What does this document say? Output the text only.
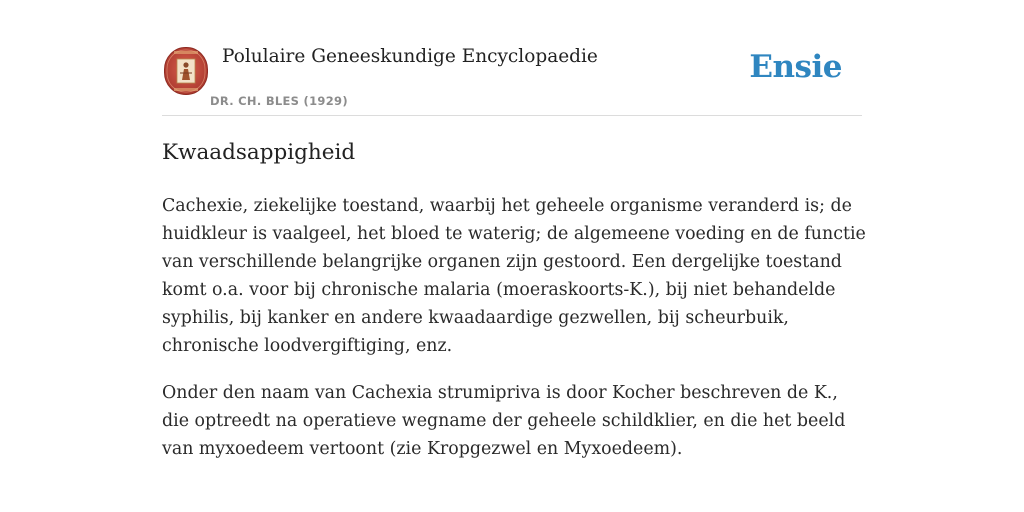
Polulaire Geneeskundige Encyclopaedie
DR. CH. BLES (1929)
Ensie
Kwaadsappigheid

Cachexie, ziekelijke toestand, waarbij het geheele organisme veranderd is; de huidkleur is vaalgeel, het bloed te waterig; de algemeene voeding en de functie van verschillende belangrijke organen zijn gestoord. Een dergelijke toestand komt o.a. voor bij chronische malaria (moeraskoorts-K.), bij niet behandelde syphilis, bij kanker en andere kwaadaardige gezwellen, bij scheurbuik, chronische loodvergiftiging, enz.

Onder den naam van Cachexia strumipriva is door Kocher beschreven de K., die optreedt na operatieve wegname der geheele schildklier, en die het beeld van myxoedeem vertoont (zie Kropgezwel en Myxoedeem).
